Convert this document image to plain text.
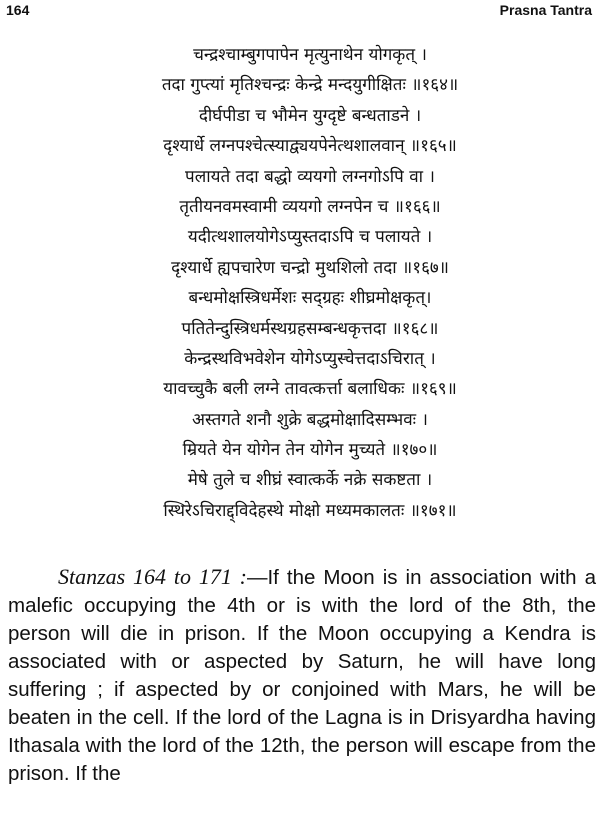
164	Prasna Tantra
चन्द्रश्चाम्बुगपापेन मृत्युनाथेन योगकृत् ।
तदा गुप्त्यां मृतिश्चन्द्रः केन्द्रे मन्दयुगीक्षितः ॥१६४॥
दीर्घपीडा च भौमेन युग्दृष्टे बन्धताडने ।
दृश्यार्धे लग्नपश्चेत्स्याद्व्ययपेनेत्थशालवान् ॥१६५॥
पलायते तदा बद्धो व्ययगो लग्नगोऽपि वा ।
तृतीयनवमस्वामी व्ययगो लग्नपेन च ॥१६६॥
यदीत्थशालयोगेऽप्युस्तदाऽपि च पलायते ।
दृश्यार्धे ह्यपचारेण चन्द्रो मुथशिलो तदा ॥१६७॥
बन्धमोक्षस्त्रिधर्मेशः सद्ग्रहः शीघ्रमोक्षकृत्।
पतितेन्दुस्त्रिधर्मस्थग्रहसम्बन्धकृत्तदा ॥१६८॥
केन्द्रस्थविभवेशेन योगेऽप्युस्चेत्तदाऽचिरात् ।
यावच्चुकै बली लग्ने तावत्कर्त्ता बलाधिकः ॥१६९॥
अस्तगते शनौ शुक्रे बद्धमोक्षादिसम्भवः ।
म्रियते येन योगेन तेन योगेन मुच्यते ॥१७०॥
मेषे तुले च शीघ्रं स्वात्कर्के नक्रे सकष्टता ।
स्थिरेऽचिराद्द्विदेहस्थे मोक्षो मध्यमकालतः ॥१७१॥

Stanzas 164 to 171 :—If the Moon is in association with a malefic occupying the 4th or is with the lord of the 8th, the person will die in prison. If the Moon occupying a Kendra is associated with or aspected by Saturn, he will have long suffering ; if aspected by or conjoined with Mars, he will be beaten in the cell. If the lord of the Lagna is in Drisyardha having Ithasala with the lord of the 12th, the person will escape from the prison. If the
